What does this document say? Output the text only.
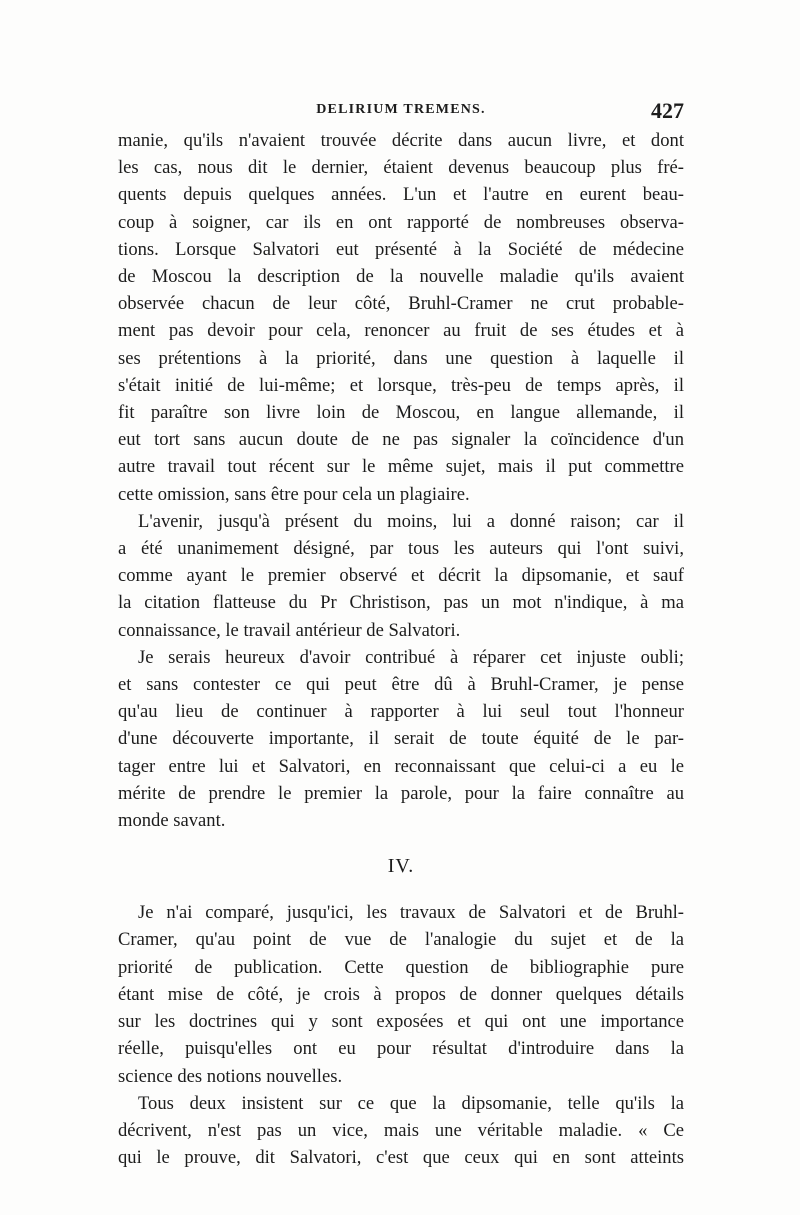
DELIRIUM TREMENS.	427
manie, qu'ils n'avaient trouvée décrite dans aucun livre, et dont
les cas, nous dit le dernier, étaient devenus beaucoup plus fré-
quents depuis quelques années. L'un et l'autre en eurent beau-
coup à soigner, car ils en ont rapporté de nombreuses observa-
tions. Lorsque Salvatori eut présenté à la Société de médecine
de Moscou la description de la nouvelle maladie qu'ils avaient
observée chacun de leur côté, Bruhl-Cramer ne crut probable-
ment pas devoir pour cela, renoncer au fruit de ses études et à
ses prétentions à la priorité, dans une question à laquelle il
s'était initié de lui-même; et lorsque, très-peu de temps après, il
fit paraître son livre loin de Moscou, en langue allemande, il
eut tort sans aucun doute de ne pas signaler la coïncidence d'un
autre travail tout récent sur le même sujet, mais il put commettre
cette omission, sans être pour cela un plagiaire.
L'avenir, jusqu'à présent du moins, lui a donné raison; car il
a été unanimement désigné, par tous les auteurs qui l'ont suivi,
comme ayant le premier observé et décrit la dipsomanie, et sauf
la citation flatteuse du Pr Christison, pas un mot n'indique, à ma
connaissance, le travail antérieur de Salvatori.
Je serais heureux d'avoir contribué à réparer cet injuste oubli;
et sans contester ce qui peut être dû à Bruhl-Cramer, je pense
qu'au lieu de continuer à rapporter à lui seul tout l'honneur
d'une découverte importante, il serait de toute équité de le par-
tager entre lui et Salvatori, en reconnaissant que celui-ci a eu le
mérite de prendre le premier la parole, pour la faire connaître au
monde savant.
IV.
Je n'ai comparé, jusqu'ici, les travaux de Salvatori et de Bruhl-
Cramer, qu'au point de vue de l'analogie du sujet et de la
priorité de publication. Cette question de bibliographie pure
étant mise de côté, je crois à propos de donner quelques détails
sur les doctrines qui y sont exposées et qui ont une importance
réelle, puisqu'elles ont eu pour résultat d'introduire dans la
science des notions nouvelles.
Tous deux insistent sur ce que la dipsomanie, telle qu'ils la
décrivent, n'est pas un vice, mais une véritable maladie. « Ce
qui le prouve, dit Salvatori, c'est que ceux qui en sont atteints
